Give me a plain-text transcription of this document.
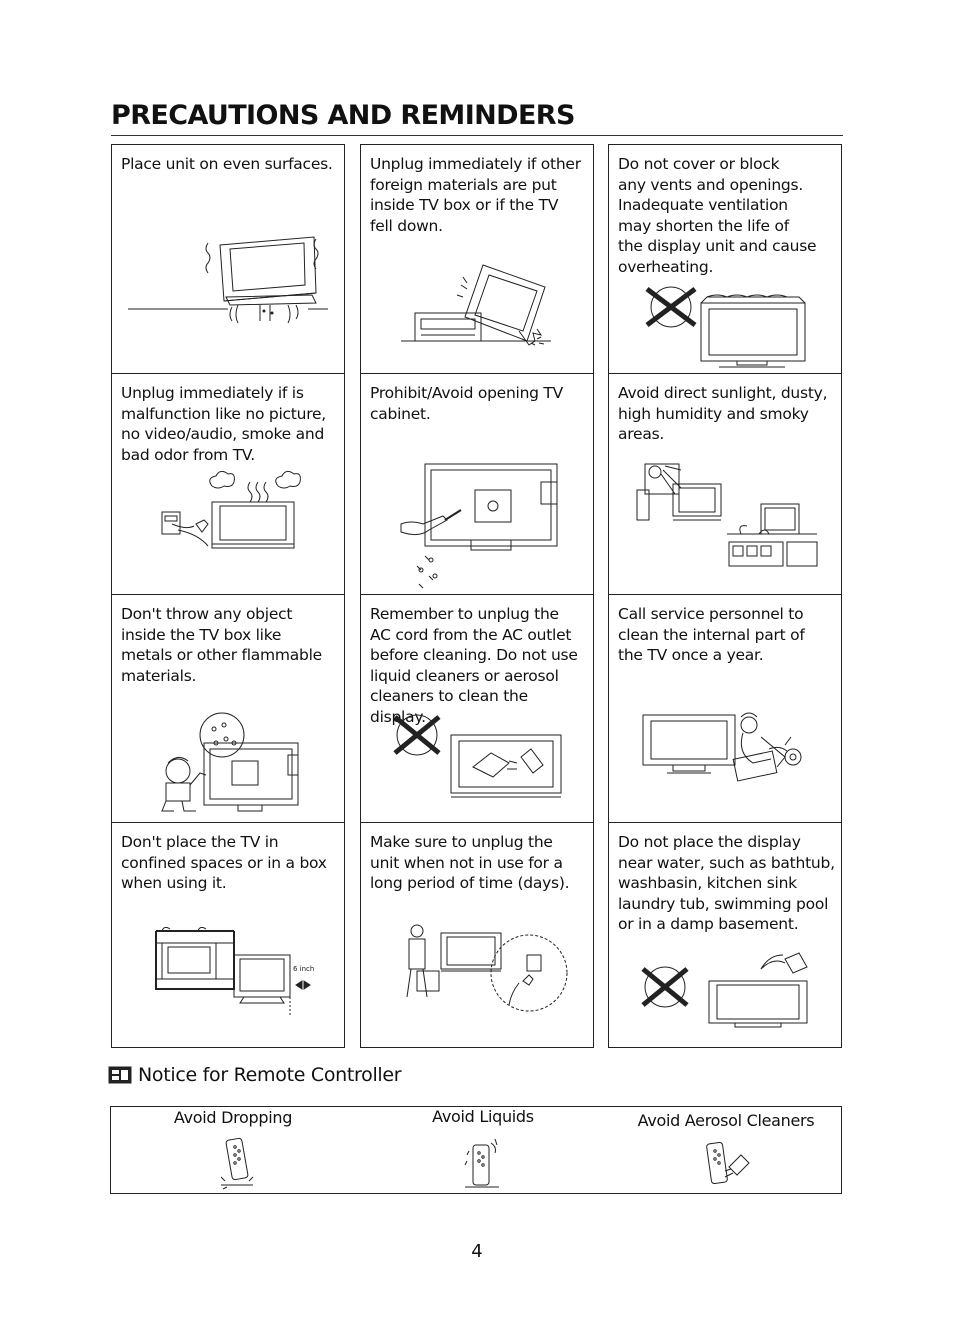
PRECAUTIONS AND REMINDERS
Place unit on even surfaces.	Unplug immediately if other
foreign materials are put
inside TV box or if the TV
fell down.
Do not cover or block
any vents and openings.
Inadequate ventilation
may shorten the life of
the display unit and cause
overheating.
Unplug immediately if is
malfunction like no picture,
no video/audio, smoke and
bad odor from TV.
Prohibit/Avoid opening TV
cabinet.
Avoid direct sunlight, dusty,
high humidity and smoky
areas.
Don't throw any object
inside the TV box like
metals or other flammable
materials.
Remember to unplug the
AC cord from the AC outlet
before cleaning. Do not use
liquid cleaners or aerosol
cleaners to clean the display.
Call service personnel to
clean the internal part of
the TV once a year.
Don't place the TV in
confined spaces or in a box
when using it.
6 inch
Make sure to unplug the
unit when not in use for a
long period of time (days).
Do not place the display
near water, such as bathtub,
washbasin, kitchen sink
laundry tub, swimming pool
or in a damp basement.
Notice for Remote Controller
Avoid Dropping	Avoid Liquids	Avoid Aerosol Cleaners
4
